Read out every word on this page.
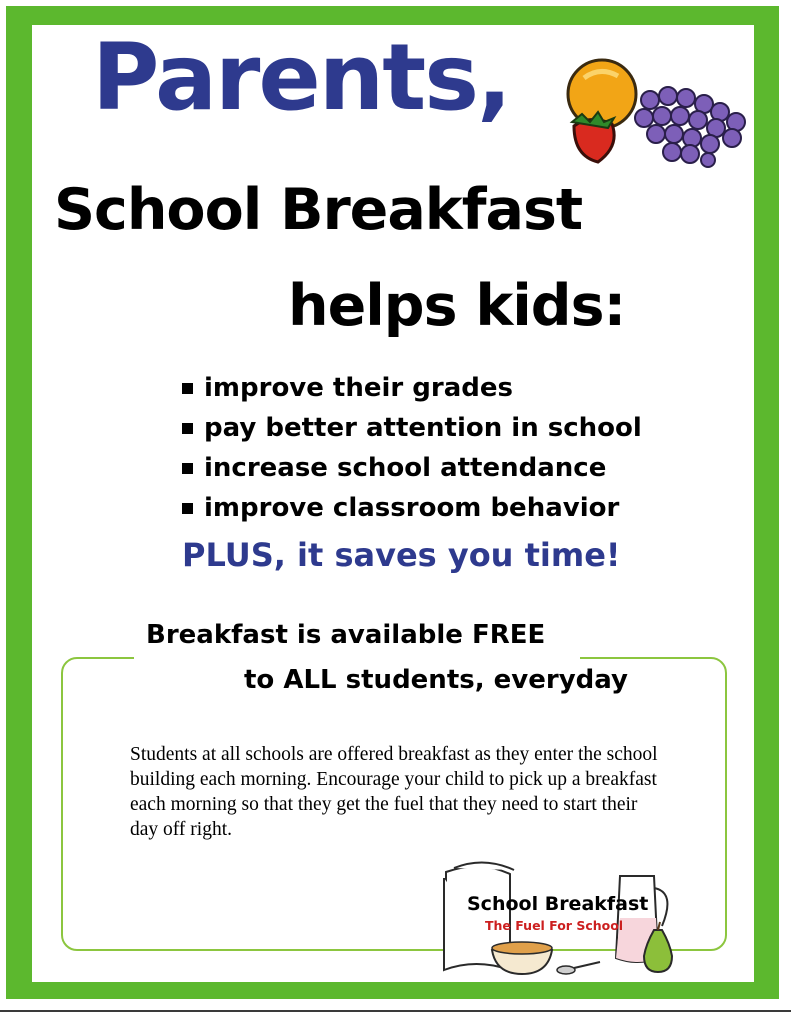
Parents,
School Breakfast
helps kids:
improve their grades
pay better attention in school
increase school attendance
improve classroom behavior

PLUS, it saves you time!

Breakfast is available FREE

to ALL students, everyday

Students at all schools are offered breakfast as they enter the school building each morning. Encourage your child to pick up a breakfast each morning so that they get the fuel that they need to start their day off right.

School Breakfast
The Fuel For School
